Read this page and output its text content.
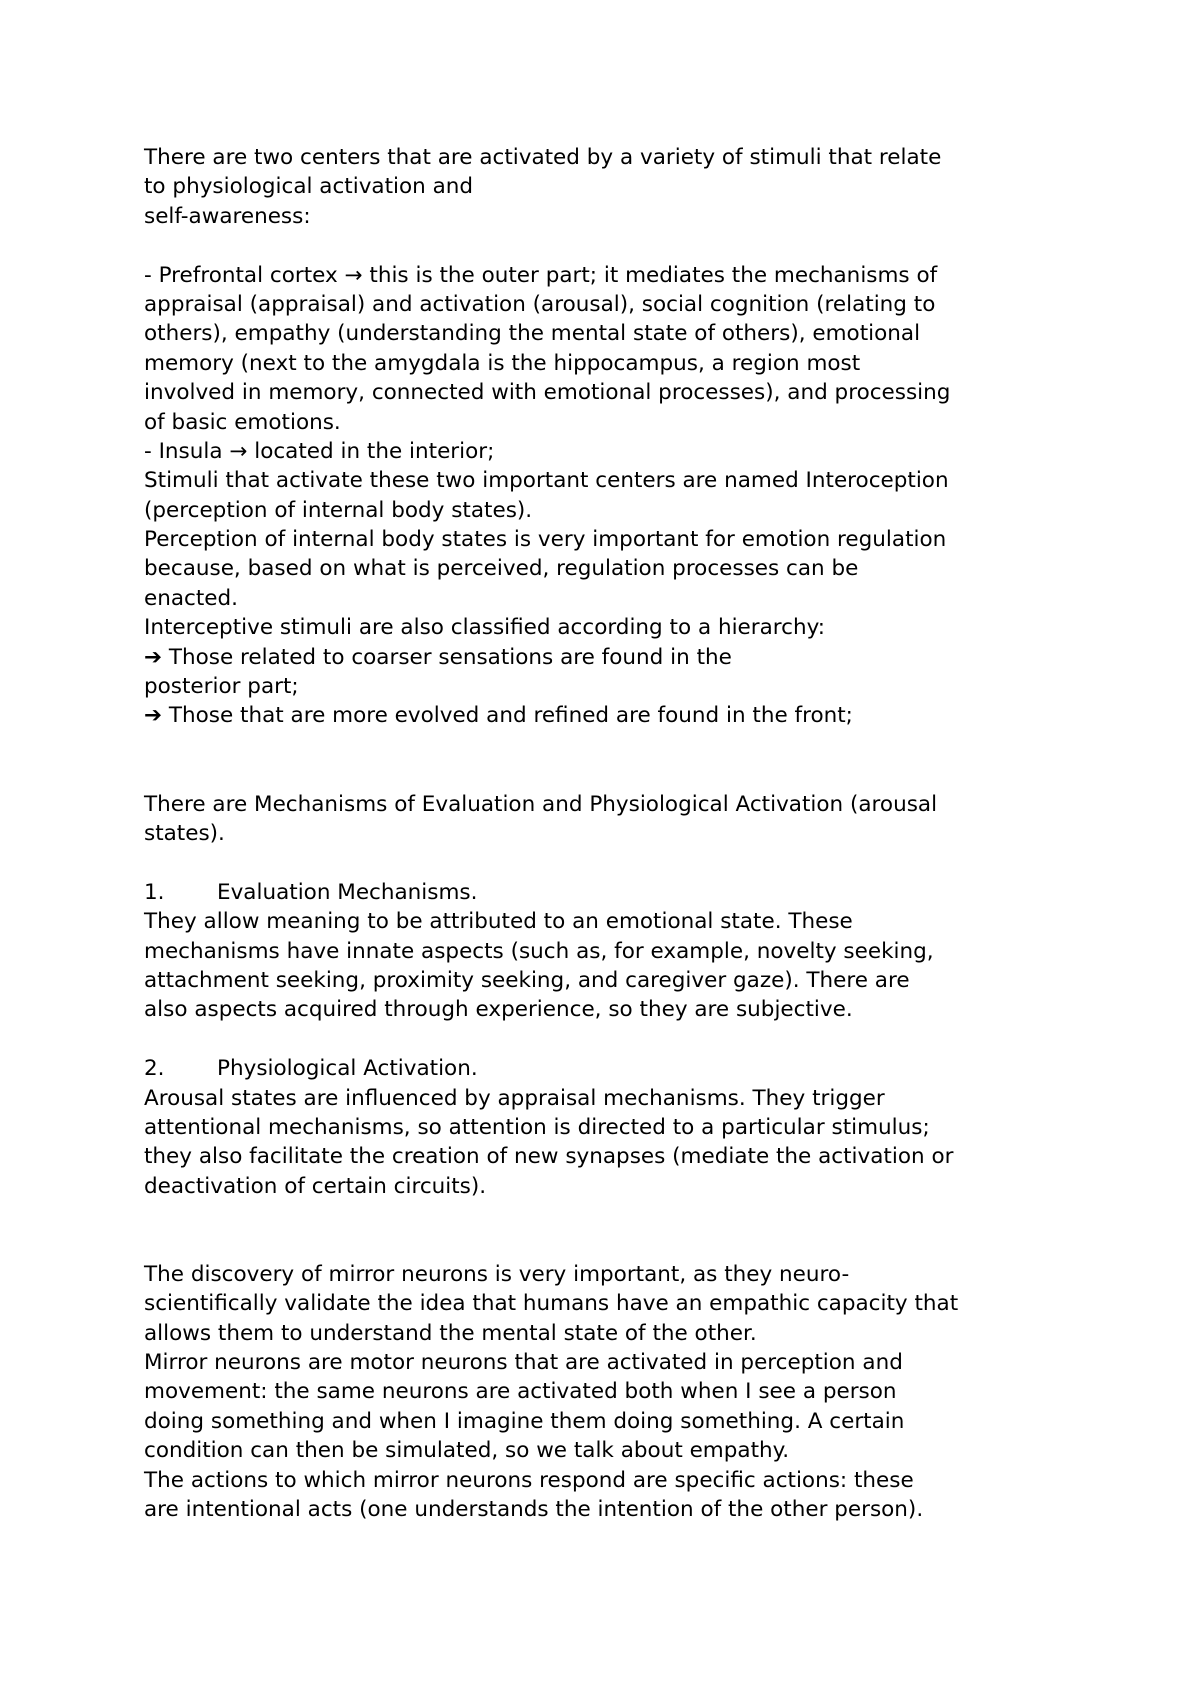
There are two centers that are activated by a variety of stimuli that relate
to physiological activation and
self-awareness:
- Prefrontal cortex → this is the outer part; it mediates the mechanisms of
appraisal (appraisal) and activation (arousal), social cognition (relating to
others), empathy (understanding the mental state of others), emotional
memory (next to the amygdala is the hippocampus, a region most
involved in memory, connected with emotional processes), and processing
of basic emotions.
- Insula → located in the interior;
Stimuli that activate these two important centers are named Interoception
(perception of internal body states).
Perception of internal body states is very important for emotion regulation
because, based on what is perceived, regulation processes can be
enacted.
Interceptive stimuli are also classified according to a hierarchy:
➔ Those related to coarser sensations are found in the
posterior part;
➔ Those that are more evolved and refined are found in the front;
There are Mechanisms of Evaluation and Physiological Activation (arousal
states).
1. Evaluation Mechanisms.
They allow meaning to be attributed to an emotional state. These
mechanisms have innate aspects (such as, for example, novelty seeking,
attachment seeking, proximity seeking, and caregiver gaze). There are
also aspects acquired through experience, so they are subjective.
2. Physiological Activation.
Arousal states are influenced by appraisal mechanisms. They trigger
attentional mechanisms, so attention is directed to a particular stimulus;
they also facilitate the creation of new synapses (mediate the activation or
deactivation of certain circuits).
The discovery of mirror neurons is very important, as they neuro-
scientifically validate the idea that humans have an empathic capacity that
allows them to understand the mental state of the other.
Mirror neurons are motor neurons that are activated in perception and
movement: the same neurons are activated both when I see a person
doing something and when I imagine them doing something. A certain
condition can then be simulated, so we talk about empathy.
The actions to which mirror neurons respond are specific actions: these
are intentional acts (one understands the intention of the other person).
